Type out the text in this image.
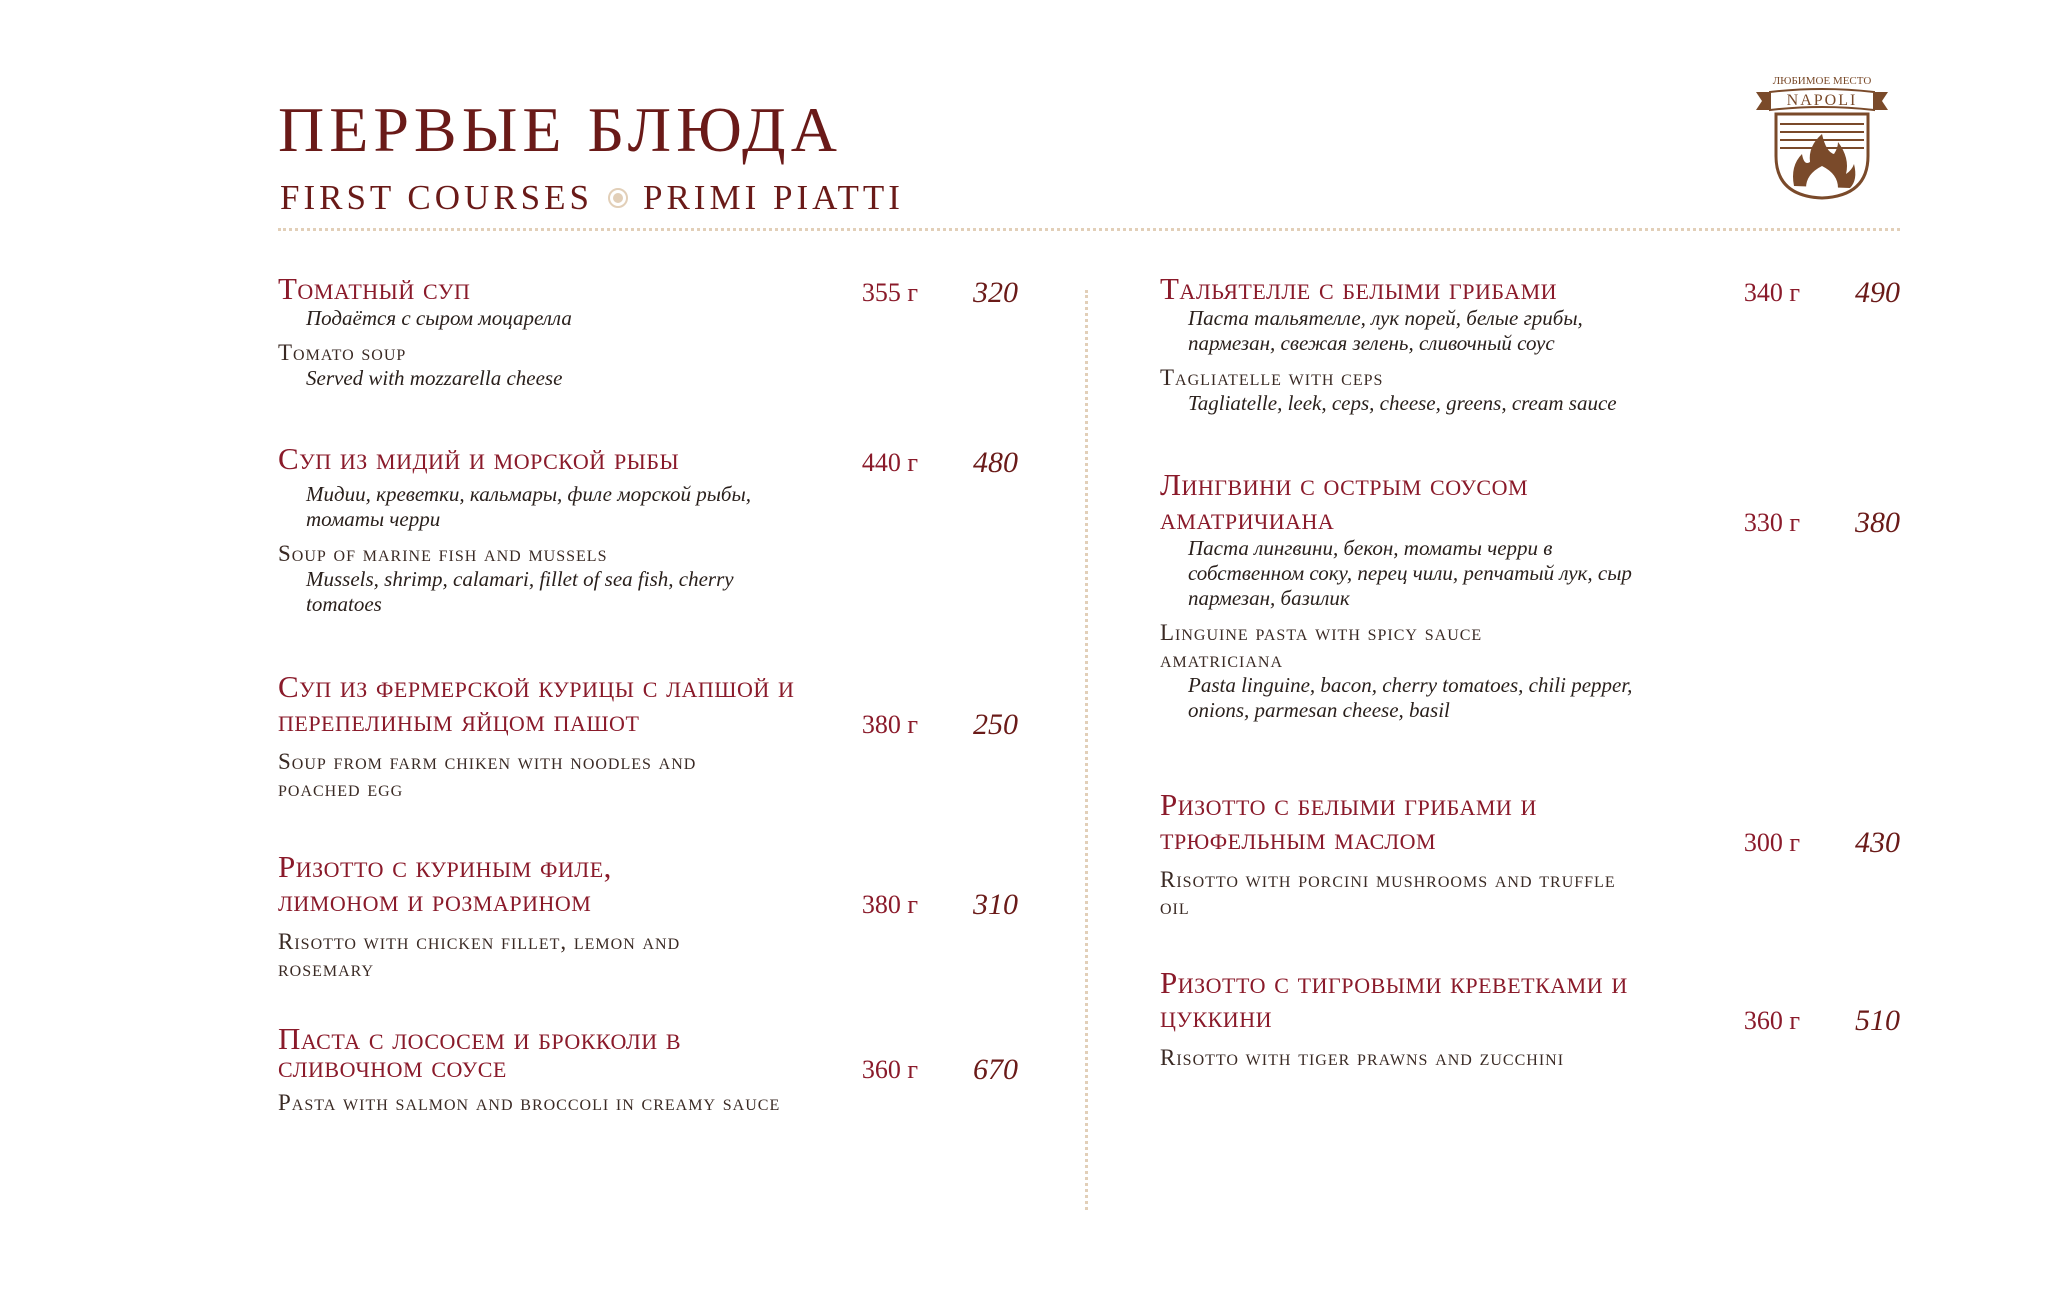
ПЕРВЫЕ БЛЮДА
FIRST COURSES PRIMI PIATTI
ЛЮБИМОЕ МЕСТО
NAPOLI
Томатный суп
Подаётся с сыром моцарелла
Tomato soup
Served with mozzarella cheese
355 г 320
Суп из мидий и морской рыбы
Мидии, креветки, кальмары, филе морской рыбы, томаты черри
Soup of marine fish and mussels
Mussels, shrimp, calamari, fillet of sea fish, cherry tomatoes
440 г 480
Суп из фермерской курицы с лапшой и перепелиным яйцом пашот
Soup from farm chiken with noodles and poached egg
380 г 250
Ризотто с куриным филе, лимоном и розмарином
Risotto with chicken fillet, lemon and rosemary
380 г 310
Паста с лососем и брокколи в сливочном соусе
Pasta with salmon and broccoli in creamy sauce
360 г 670
Тальятелле с белыми грибами
Паста тальятелле, лук порей, белые грибы, пармезан, свежая зелень, сливочный соус
Tagliatelle with ceps
Tagliatelle, leek, ceps, cheese, greens, cream sauce
340 г 490
Лингвини с острым соусом аматричиана
Паста лингвини, бекон, томаты черри в собственном соку, перец чили, репчатый лук, сыр пармезан, базилик
Linguine pasta with spicy sauce amatriciana
Pasta linguine, bacon, cherry tomatoes, chili pepper, onions, parmesan cheese, basil
330 г 380
Ризотто с белыми грибами и трюфельным маслом
Risotto with porcini mushrooms and truffle oil
300 г 430
Ризотто с тигровыми креветками и цуккини
Risotto with tiger prawns and zucchini
360 г 510
